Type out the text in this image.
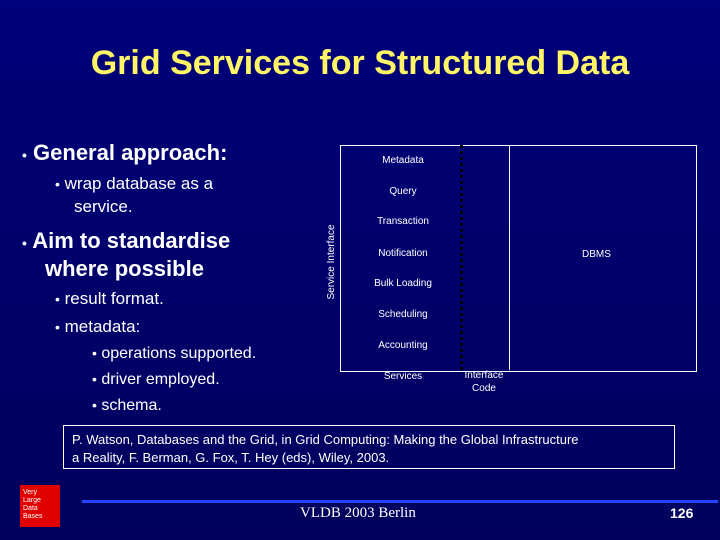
Grid Services for Structured Data
• General approach:
• wrap database as a
service.
• Aim to standardise
where possible
• result format.
• metadata:
• operations supported.
• driver employed.
• schema.
Service Interface
Metadata
Query
Transaction
Notification
Bulk Loading
Scheduling
Accounting
Services
DBMS
Interface
Code
P. Watson, Databases and the Grid, in Grid Computing: Making the Global Infrastructure
a Reality, F. Berman, G. Fox, T. Hey (eds), Wiley, 2003.
Very
Large
Data
Bases	VLDB 2003 Berlin	126
